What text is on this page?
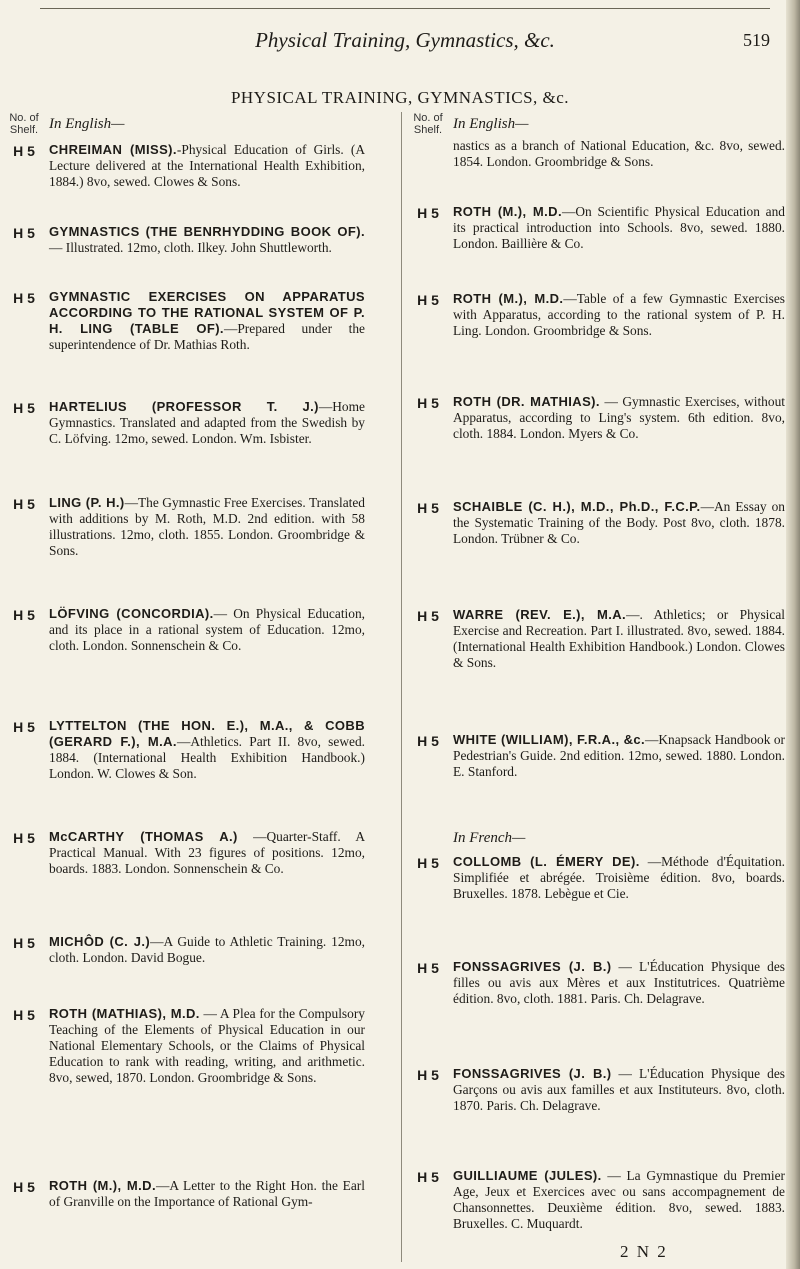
Physical Training, Gymnastics, &c.	519
PHYSICAL TRAINING, GYMNASTICS, &c.
No. of Shelf. In English—
H 5	CHREIMAN (MISS).-Physical Education of Girls. (A Lecture delivered at the International Health Exhibition, 1884.) 8vo, sewed. Clowes & Sons.
H 5	GYMNASTICS (THE BENRHYDDING BOOK OF). — Illustrated. 12mo, cloth. Ilkey. John Shuttleworth.
H 5	GYMNASTIC EXERCISES ON APPARATUS ACCORDING TO THE RATIONAL SYSTEM OF P. H. LING (TABLE OF).—Prepared under the superintendence of Dr. Mathias Roth.
H 5	HARTELIUS (PROFESSOR T. J.)—Home Gymnastics. Translated and adapted from the Swedish by C. Löfving. 12mo, sewed. London. Wm. Isbister.
H 5	LING (P. H.)—The Gymnastic Free Exercises. Translated with additions by M. Roth, M.D. 2nd edition. with 58 illustrations. 12mo, cloth. 1855. London. Groombridge & Sons.
H 5	LÖFVING (CONCORDIA).— On Physical Education, and its place in a rational system of Education. 12mo, cloth. London. Sonnenschein & Co.
H 5	LYTTELTON (THE HON. E.), M.A., & COBB (GERARD F.), M.A.—Athletics. Part II. 8vo, sewed. 1884. (International Health Exhibition Handbook.) London. W. Clowes & Son.
H 5	McCARTHY (THOMAS A.) —Quarter-Staff. A Practical Manual. With 23 figures of positions. 12mo, boards. 1883. London. Sonnenschein & Co.
H 5	MICHÔD (C. J.)—A Guide to Athletic Training. 12mo, cloth. London. David Bogue.
H 5	ROTH (MATHIAS), M.D. — A Plea for the Compulsory Teaching of the Elements of Physical Education in our National Elementary Schools, or the Claims of Physical Education to rank with reading, writing, and arithmetic. 8vo, sewed, 1870. London. Groombridge & Sons.
H 5	ROTH (M.), M.D.—A Letter to the Right Hon. the Earl of Granville on the Importance of Rational Gym-
No. of Shelf. In English—
nastics as a branch of National Education, &c. 8vo, sewed. 1854. London. Groombridge & Sons.
H 5	ROTH (M.), M.D.—On Scientific Physical Education and its practical introduction into Schools. 8vo, sewed. 1880. London. Baillière & Co.
H 5	ROTH (M.), M.D.—Table of a few Gymnastic Exercises with Apparatus, according to the rational system of P. H. Ling. London. Groombridge & Sons.
H 5	ROTH (DR. MATHIAS). — Gymnastic Exercises, without Apparatus, according to Ling's system. 6th edition. 8vo, cloth. 1884. London. Myers & Co.
H 5	SCHAIBLE (C. H.), M.D., Ph.D., F.C.P.—An Essay on the Systematic Training of the Body. Post 8vo, cloth. 1878. London. Trübner & Co.
H 5	WARRE (REV. E.), M.A.—. Athletics; or Physical Exercise and Recreation. Part I. illustrated. 8vo, sewed. 1884. (International Health Exhibition Handbook.) London. Clowes & Sons.
H 5	WHITE (WILLIAM), F.R.A., &c.—Knapsack Handbook or Pedestrian's Guide. 2nd edition. 12mo, sewed. 1880. London. E. Stanford.
In French—
H 5	COLLOMB (L. ÉMERY DE). —Méthode d'Équitation. Simplifiée et abrégée. Troisième édition. 8vo, boards. Bruxelles. 1878. Lebègue et Cie.
H 5	FONSSAGRIVES (J. B.) — L'Éducation Physique des filles ou avis aux Mères et aux Institutrices. Quatrième édition. 8vo, cloth. 1881. Paris. Ch. Delagrave.
H 5	FONSSAGRIVES (J. B.) — L'Éducation Physique des Garçons ou avis aux familles et aux Instituteurs. 8vo, cloth. 1870. Paris. Ch. Delagrave.
H 5	GUILLIAUME (JULES). — La Gymnastique du Premier Age, Jeux et Exercices avec ou sans accompagnement de Chansonnettes. Deuxième édition. 8vo, sewed. 1883. Bruxelles. C. Muquardt.
2 N 2
